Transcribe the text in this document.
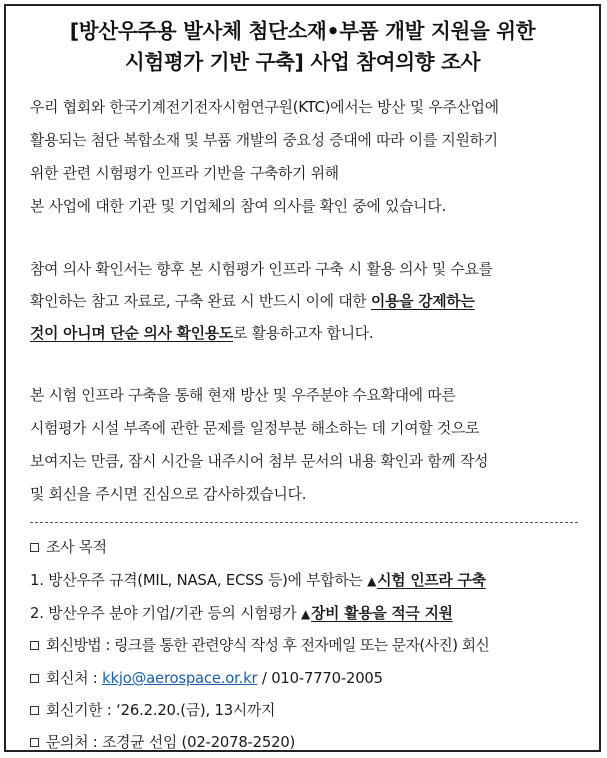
[방산우주용 발사체 첨단소재•부품 개발 지원을 위한
시험평가 기반 구축] 사업 참여의향 조사
우리 협회와 한국기계전기전자시험연구원(KTC)에서는 방산 및 우주산업에
활용되는 첨단 복합소재 및 부품 개발의 중요성 증대에 따라 이를 지원하기
위한 관련 시험평가 인프라 기반을 구축하기 위해
본 사업에 대한 기관 및 기업체의 참여 의사를 확인 중에 있습니다.
참여 의사 확인서는 향후 본 시험평가 인프라 구축 시 활용 의사 및 수요를
확인하는 참고 자료로, 구축 완료 시 반드시 이에 대한 이용을 강제하는
것이 아니며 단순 의사 확인용도로 활용하고자 합니다.
본 시험 인프라 구축을 통해 현재 방산 및 우주분야 수요확대에 따른
시험평가 시설 부족에 관한 문제를 일정부분 해소하는 데 기여할 것으로
보여지는 만큼, 잠시 시간을 내주시어 첨부 문서의 내용 확인과 함께 작성
및 회신을 주시면 진심으로 감사하겠습니다.
조사 목적
1. 방산우주 규격(MIL, NASA, ECSS 등)에 부합하는 ▲시험 인프라 구축
2. 방산우주 분야 기업/기관 등의 시험평가 ▲장비 활용을 적극 지원
회신방법 : 링크를 통한 관련양식 작성 후 전자메일 또는 문자(사진) 회신
회신처 : kkjo@aerospace.or.kr / 010-7770-2005
회신기한 : ‘26.2.20.(금), 13시까지
문의처 : 조경균 선임 (02-2078-2520)
